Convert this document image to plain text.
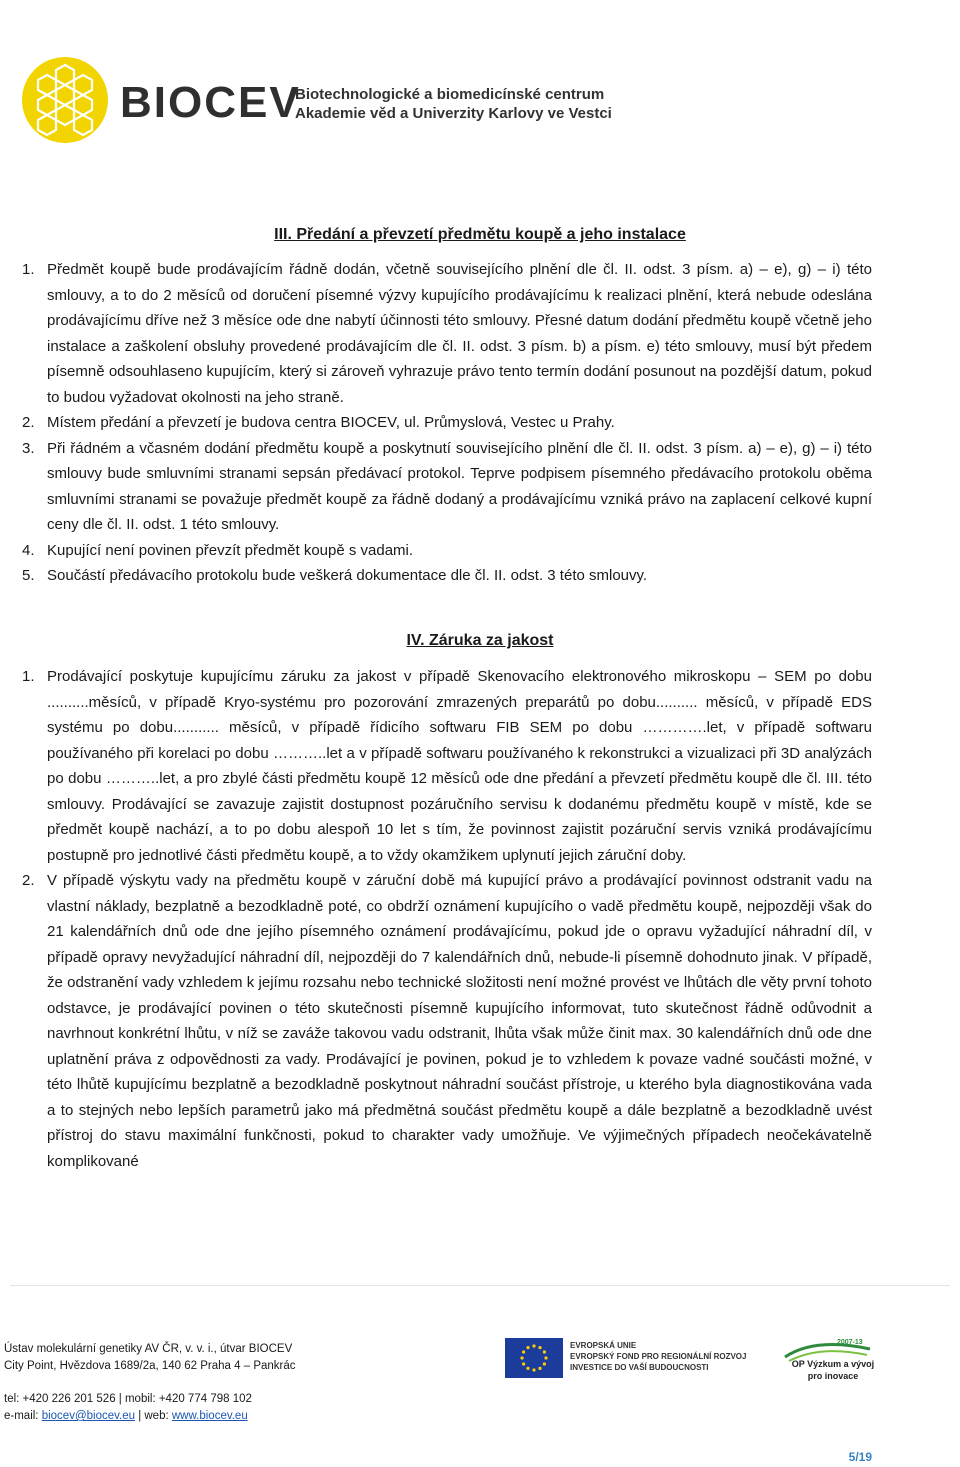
BIOCEV
Biotechnologické a biomedicínské centrum
Akademie věd a Univerzity Karlovy ve Vestci
III. Předání a převzetí předmětu koupě a jeho instalace
1. Předmět koupě bude prodávajícím řádně dodán, včetně souvisejícího plnění dle čl. II. odst. 3 písm. a) – e), g) – i) této smlouvy, a to do 2 měsíců od doručení písemné výzvy kupujícího prodávajícímu k realizaci plnění, která nebude odeslána prodávajícímu dříve než 3 měsíce ode dne nabytí účinnosti této smlouvy. Přesné datum dodání předmětu koupě včetně jeho instalace a zaškolení obsluhy provedené prodávajícím dle čl. II. odst. 3 písm. b) a písm. e) této smlouvy, musí být předem písemně odsouhlaseno kupujícím, který si zároveň vyhrazuje právo tento termín dodání posunout na pozdější datum, pokud to budou vyžadovat okolnosti na jeho straně.
2. Místem předání a převzetí je budova centra BIOCEV, ul. Průmyslová, Vestec u Prahy.
3. Při řádném a včasném dodání předmětu koupě a poskytnutí souvisejícího plnění dle čl. II. odst. 3 písm. a) – e), g) – i) této smlouvy bude smluvními stranami sepsán předávací protokol. Teprve podpisem písemného předávacího protokolu oběma smluvními stranami se považuje předmět koupě za řádně dodaný a prodávajícímu vzniká právo na zaplacení celkové kupní ceny dle čl. II. odst. 1 této smlouvy.
4. Kupující není povinen převzít předmět koupě s vadami.
5. Součástí předávacího protokolu bude veškerá dokumentace dle čl. II. odst. 3 této smlouvy.
IV. Záruka za jakost
1. Prodávající poskytuje kupujícímu záruku za jakost v případě Skenovacího elektronového mikroskopu – SEM po dobu ..........měsíců, v případě Kryo-systému pro pozorování zmrazených preparátů po dobu.......... měsíců, v případě EDS systému po dobu........... měsíců, v případě řídicího softwaru FIB SEM po dobu ………….let, v případě softwaru používaného při korelaci po dobu ………..let a v případě softwaru používaného k rekonstrukci a vizualizaci při 3D analýzách po dobu ………..let, a pro zbylé části předmětu koupě 12 měsíců ode dne předání a převzetí předmětu koupě dle čl. III. této smlouvy. Prodávající se zavazuje zajistit dostupnost pozáručního servisu k dodanému předmětu koupě v místě, kde se předmět koupě nachází, a to po dobu alespoň 10 let s tím, že povinnost zajistit pozáruční servis vzniká prodávajícímu postupně pro jednotlivé části předmětu koupě, a to vždy okamžikem uplynutí jejich záruční doby.
2. V případě výskytu vady na předmětu koupě v záruční době má kupující právo a prodávající povinnost odstranit vadu na vlastní náklady, bezplatně a bezodkladně poté, co obdrží oznámení kupujícího o vadě předmětu koupě, nejpozději však do 21 kalendářních dnů ode dne jejího písemného oznámení prodávajícímu, pokud jde o opravu vyžadující náhradní díl, v případě opravy nevyžadující náhradní díl, nejpozději do 7 kalendářních dnů, nebude-li písemně dohodnuto jinak. V případě, že odstranění vady vzhledem k jejímu rozsahu nebo technické složitosti není možné provést ve lhůtách dle věty první tohoto odstavce, je prodávající povinen o této skutečnosti písemně kupujícího informovat, tuto skutečnost řádně odůvodnit a navrhnout konkrétní lhůtu, v níž se zaváže takovou vadu odstranit, lhůta však může činit max. 30 kalendářních dnů ode dne uplatnění práva z odpovědnosti za vady. Prodávající je povinen, pokud je to vzhledem k povaze vadné součásti možné, v této lhůtě kupujícímu bezplatně a bezodkladně poskytnout náhradní součást přístroje, u kterého byla diagnostikována vada a to stejných nebo lepších parametrů jako má předmětná součást předmětu koupě a dále bezplatně a bezodkladně uvést přístroj do stavu maximální funkčnosti, pokud to charakter vady umožňuje. Ve výjimečných případech neočekávatelně komplikované
Ústav molekulární genetiky AV ČR, v. v. i., útvar BIOCEV
City Point, Hvězdova 1689/2a, 140 62 Praha 4 – Pankrác
tel: +420 226 201 526 | mobil: +420 774 798 102
e-mail: biocev@biocev.eu | web: www.biocev.eu
EVROPSKÁ UNIE
EVROPSKÝ FOND PRO REGIONÁLNÍ ROZVOJ
INVESTICE DO VAŠÍ BUDOUCNOSTI
2007-13
OP Výzkum a vývoj
pro inovace
5/19
